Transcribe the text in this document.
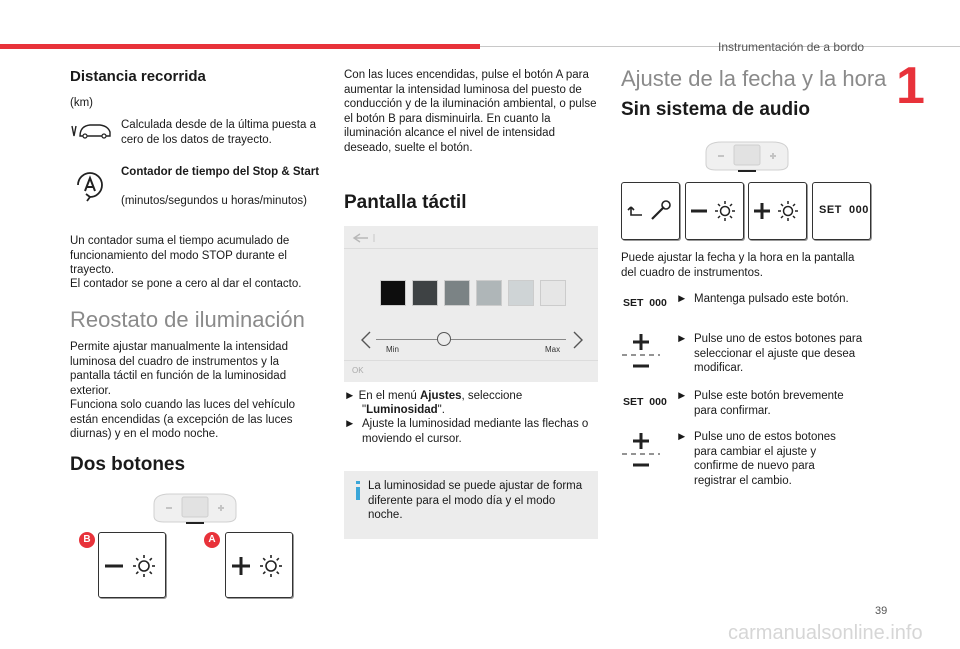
Instrumentación de a bordo
1
Distancia recorrida
(km)
Calculada desde de la última puesta a cero de los datos de trayecto.
Contador de tiempo del Stop & Start
(minutos/segundos u horas/minutos)
Un contador suma el tiempo acumulado de funcionamiento del modo STOP durante el trayecto.
El contador se pone a cero al dar el contacto.
Reostato de iluminación
Permite ajustar manualmente la intensidad luminosa del cuadro de instrumentos y la pantalla táctil en función de la luminosidad exterior.
Funciona solo cuando las luces del vehículo están encendidas (a excepción de las luces diurnas) y en el modo noche.
Dos botones
B	A
Con las luces encendidas, pulse el botón A para aumentar la intensidad luminosa del puesto de conducción y de la iluminación ambiental, o pulse el botón B para disminuirla. En cuanto la iluminación alcance el nivel de intensidad deseado, suelte el botón.
Pantalla táctil
Min	Max
OK
► En el menú Ajustes, seleccione
"Luminosidad".
► Ajuste la luminosidad mediante las flechas o moviendo el cursor.
La luminosidad se puede ajustar de forma diferente para el modo día y el modo noche.
Ajuste de la fecha y la hora
Sin sistema de audio
SET 000
Puede ajustar la fecha y la hora en la pantalla del cuadro de instrumentos.
SET 000 ► Mantenga pulsado este botón.
► Pulse uno de estos botones para seleccionar el ajuste que desea modificar.
SET 000 ► Pulse este botón brevemente para confirmar.
► Pulse uno de estos botones para cambiar el ajuste y confirme de nuevo para registrar el cambio.
39
carmanualsonline.info
